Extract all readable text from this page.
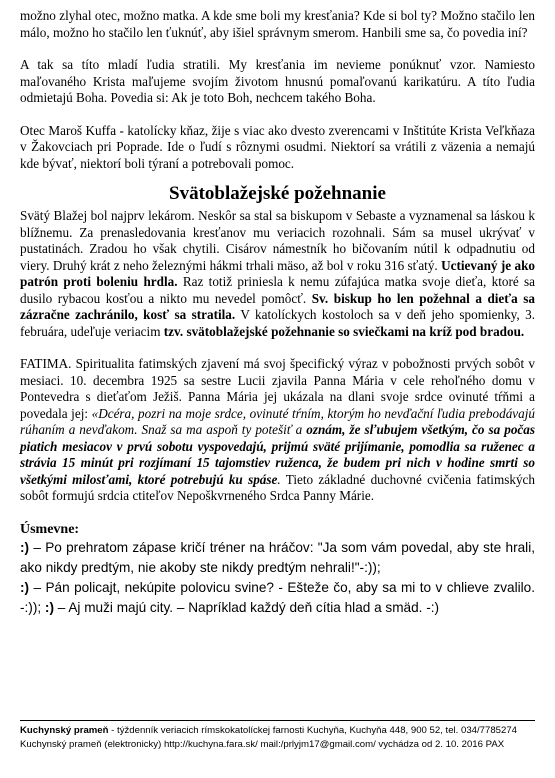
možno zlyhal otec, možno matka. A kde sme boli my kresťania? Kde si bol ty? Možno stačilo len málo, možno ho stačilo len ťuknúť, aby išiel správnym smerom. Hanbili sme sa, čo povedia iní?

A tak sa títo mladí ľudia stratili. My kresťania im nevieme ponúknuť vzor. Namiesto maľovaného Krista maľujeme svojím životom hnusnú pomaľovanú karikatúru. A títo ľudia odmietajú Boha. Povedia si: Ak je toto Boh, nechcem takého Boha.

Otec Maroš Kuffa - katolícky kňaz, žije s viac ako dvesto zverencami v Inštitúte Krista Veľkňaza v Žakovciach pri Poprade. Ide o ľudí s rôznymi osudmi. Niektorí sa vrátili z väzenia a nemajú kde bývať, niektorí boli týraní a potrebovali pomoc.

Svätoblažejské požehnanie

Svätý Blažej bol najprv lekárom. Neskôr sa stal sa biskupom v Sebaste a vyznamenal sa láskou k blížnemu. Za prenasledovania kresťanov mu veriacich rozohnali. Sám sa musel ukrývať v pustatinách. Zradou ho však chytili. Cisárov námestník ho bičovaním nútil k odpadnutiu od viery. Druhý krát z neho železnými hákmi trhali mäso, až bol v roku 316 sťatý. Uctievaný je ako patrón proti boleniu hrdla. Raz totiž priniesla k nemu zúfajúca matka svoje dieťa, ktoré sa dusilo rybacou kosťou a nikto mu nevedel pomôcť. Sv. biskup ho len požehnal a dieťa sa zázračne zachránilo, kosť sa stratila. V katolíckych kostoloch sa v deň jeho spomienky, 3. februára, udeľuje veriacim tzv. svätoblažejské požehnanie so sviečkami na kríž pod bradou.

FATIMA. Spiritualita fatimských zjavení má svoj špecifický výraz v pobožnosti prvých sobôt v mesiaci. 10. decembra 1925 sa sestre Lucii zjavila Panna Mária v cele rehoľného domu v Pontevedra s dieťaťom Ježiš. Panna Mária jej ukázala na dlani svoje srdce ovinuté tŕňmi a povedala jej: «Dcéra, pozri na moje srdce, ovinuté tŕním, ktorým ho nevďační ľudia prebodávajú rúhaním a nevďakom. Snaž sa ma aspoň ty potešiť a oznám, že sľubujem všetkým, čo sa počas piatich mesiacov v prvú sobotu vyspovedajú, prijmú sväté prijímanie, pomodlia sa ruženec a strávia 15 minút pri rozjímaní 15 tajomstiev ruženca, že budem pri nich v hodine smrti so všetkými milosťami, ktoré potrebujú ku spáse. Tieto základné duchovné cvičenia fatimských sobôt formujú srdcia ctiteľov Nepoškvrneného Srdca Panny Márie.

Úsmevne:

:) – Po prehratom zápase kričí tréner na hráčov: "Ja som vám povedal, aby ste hrali, ako nikdy predtým, nie akoby ste nikdy predtým nehrali!"-:));

:) – Pán policajt, nekúpite polovicu svine? - Ešteže čo, aby sa mi to v chlieve zvalilo. -:)); :) – Aj muži majú city. – Napríklad každý deň cítia hlad a smäd. -:)

Kuchynský prameň - týždenník veriacich rímskokatolíckej farnosti Kuchyňa, Kuchyňa 448, 900 52, tel. 034/7785274
Kuchynský prameň (elektronicky) http://kuchyna.fara.sk/ mail:/prlyjm17@gmail.com/ vychádza od 2. 10. 2016 PAX
